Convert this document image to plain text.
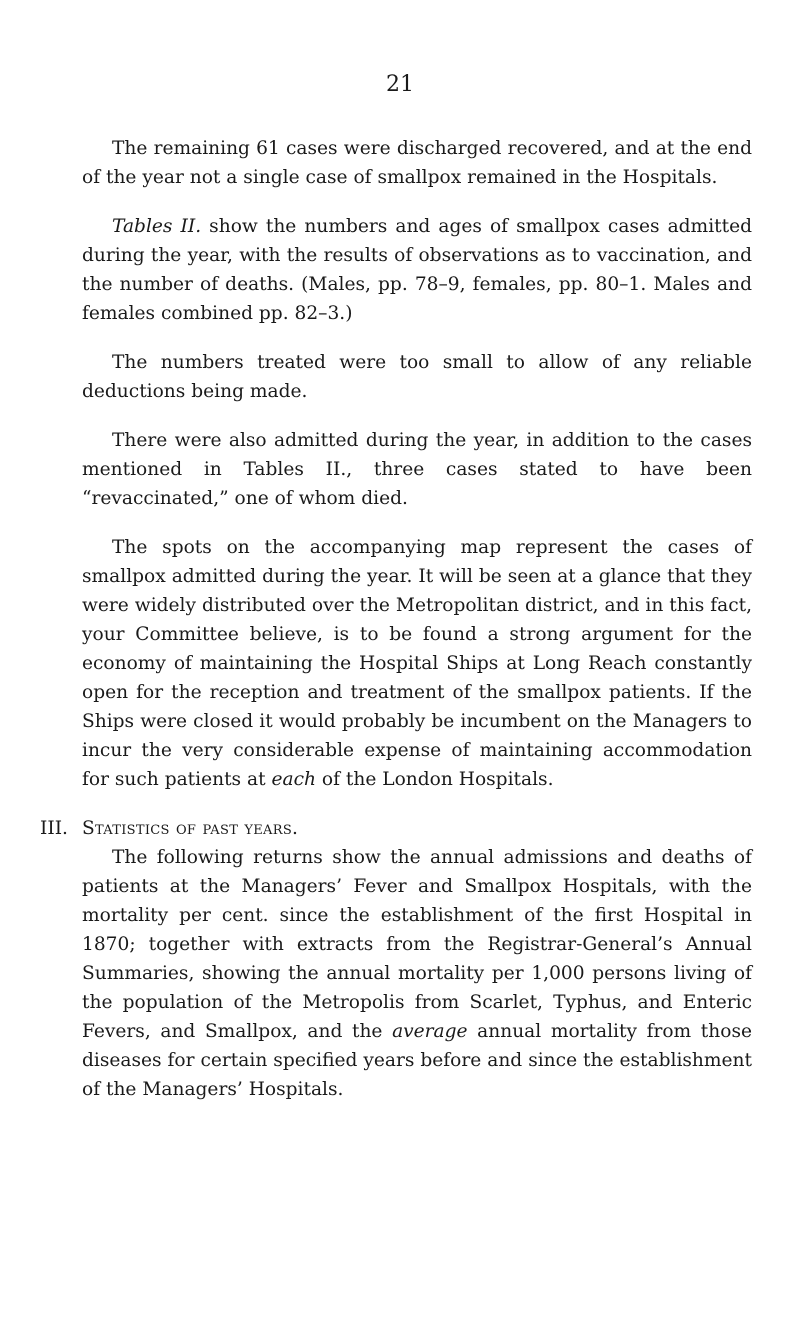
21

The remaining 61 cases were discharged recovered, and at the end of the year not a single case of smallpox remained in the Hospitals.

Tables II. show the numbers and ages of smallpox cases admitted during the year, with the results of observations as to vaccination, and the number of deaths. (Males, pp. 78–9, females, pp. 80–1. Males and females combined pp. 82–3.)

The numbers treated were too small to allow of any reliable deductions being made.

There were also admitted during the year, in addition to the cases mentioned in Tables II., three cases stated to have been “revaccinated,” one of whom died.

The spots on the accompanying map represent the cases of smallpox admitted during the year. It will be seen at a glance that they were widely distributed over the Metropolitan district, and in this fact, your Committee believe, is to be found a strong argument for the economy of maintaining the Hospital Ships at Long Reach constantly open for the reception and treatment of the smallpox patients. If the Ships were closed it would probably be incumbent on the Managers to incur the very considerable expense of maintaining accommodation for such patients at each of the London Hospitals.

III. Statistics of past years.

The following returns show the annual admissions and deaths of patients at the Managers’ Fever and Smallpox Hospitals, with the mortality per cent. since the establishment of the first Hospital in 1870; together with extracts from the Registrar-General’s Annual Summaries, showing the annual mortality per 1,000 persons living of the population of the Metropolis from Scarlet, Typhus, and Enteric Fevers, and Smallpox, and the average annual mortality from those diseases for certain specified years before and since the establishment of the Managers’ Hospitals.
